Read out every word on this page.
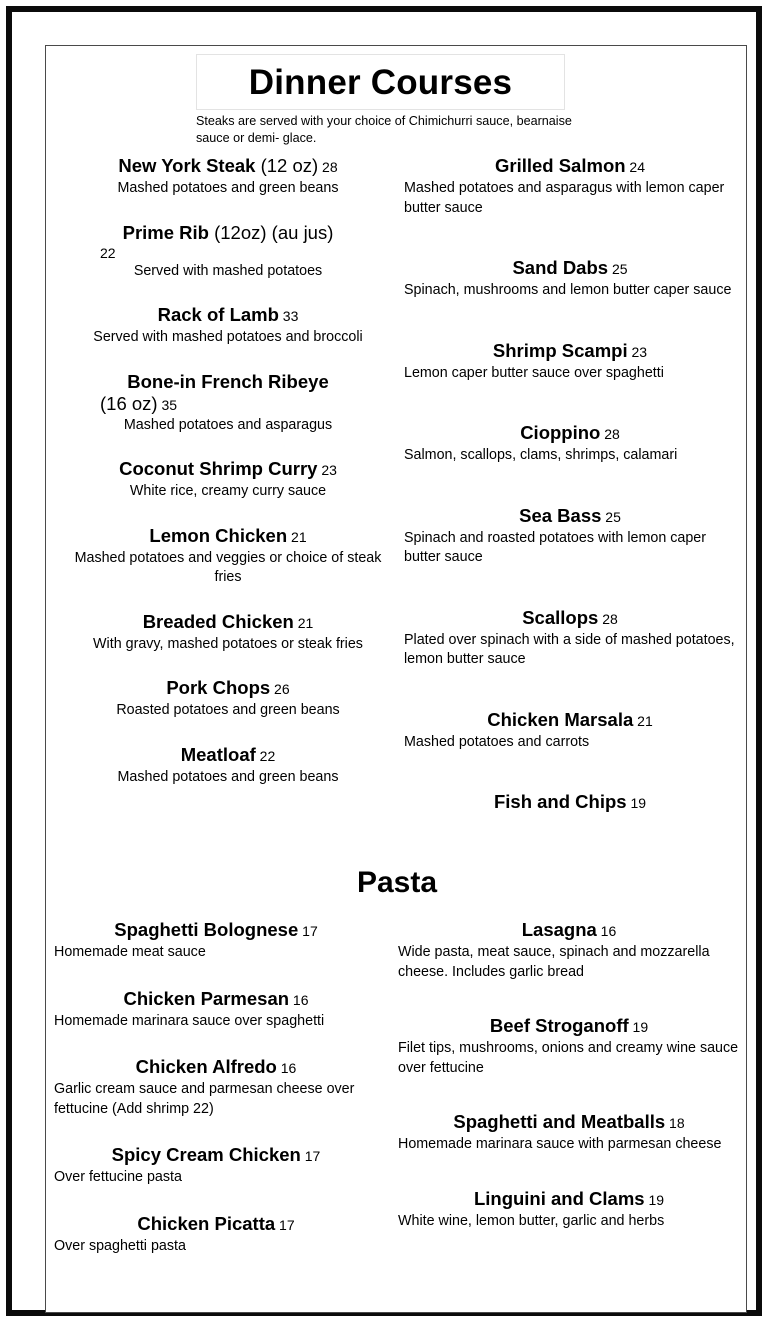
Dinner Courses
Steaks are served with your choice of Chimichurri sauce, bearnaise sauce or demi- glace.
New York Steak (12 oz) 28
Mashed potatoes and green beans
Prime Rib (12oz) (au jus)
22
Served with mashed potatoes
Rack of Lamb 33
Served with mashed potatoes and broccoli
Bone-in French Ribeye
(16 oz) 35
Mashed potatoes and asparagus
Coconut Shrimp Curry 23
White rice, creamy curry sauce
Lemon Chicken 21
Mashed potatoes and veggies or choice of steak fries
Breaded Chicken 21
With gravy, mashed potatoes or steak fries
Pork Chops 26
Roasted potatoes and green beans
Meatloaf 22
Mashed potatoes and green beans
Grilled Salmon 24
Mashed potatoes and asparagus with lemon caper butter sauce
Sand Dabs 25
Spinach, mushrooms and lemon butter caper sauce
Shrimp Scampi 23
Lemon caper butter sauce over spaghetti
Cioppino 28
Salmon, scallops, clams, shrimps, calamari
Sea Bass 25
Spinach and roasted potatoes with lemon caper butter sauce
Scallops 28
Plated over spinach with a side of mashed potatoes, lemon butter sauce
Chicken Marsala 21
Mashed potatoes and carrots
Fish and Chips 19
Pasta
Spaghetti Bolognese 17
Homemade meat sauce
Chicken Parmesan 16
Homemade marinara sauce over spaghetti
Chicken Alfredo 16
Garlic cream sauce and parmesan cheese over fettucine (Add shrimp 22)
Spicy Cream Chicken 17
Over fettucine pasta
Chicken Picatta 17
Over spaghetti pasta
Lasagna 16
Wide pasta, meat sauce, spinach and mozzarella cheese. Includes garlic bread
Beef Stroganoff 19
Filet tips, mushrooms, onions and creamy wine sauce over fettucine
Spaghetti and Meatballs 18
Homemade marinara sauce with parmesan cheese
Linguini and Clams 19
White wine, lemon butter, garlic and herbs
